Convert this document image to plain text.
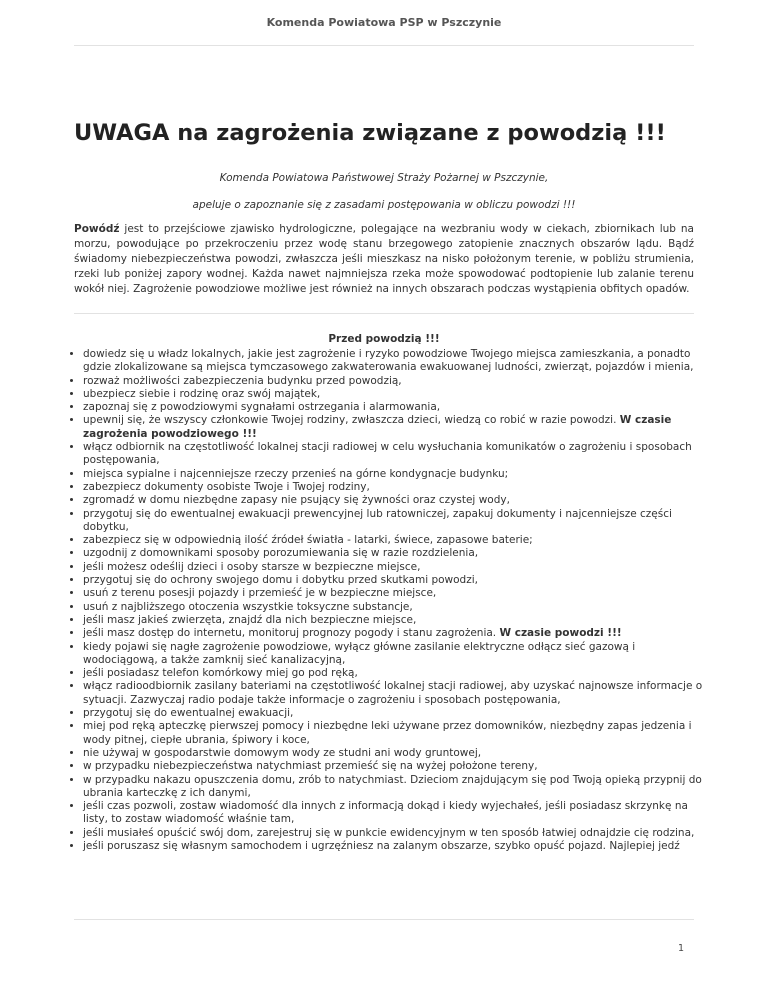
Komenda Powiatowa PSP w Pszczynie
UWAGA na zagrożenia związane z powodzią !!!
Komenda Powiatowa Państwowej Straży Pożarnej w Pszczynie,
apeluje o zapoznanie się z zasadami postępowania w obliczu powodzi !!!

Powódź jest to przejściowe zjawisko hydrologiczne, polegające na wezbraniu wody w ciekach, zbiornikach lub na morzu, powodujące po przekroczeniu przez wodę stanu brzegowego zatopienie znacznych obszarów lądu. Bądź świadomy niebezpieczeństwa powodzi, zwłaszcza jeśli mieszkasz na nisko położonym terenie, w pobliżu strumienia, rzeki lub poniżej zapory wodnej. Każda nawet najmniejsza rzeka może spowodować podtopienie lub zalanie terenu wokół niej. Zagrożenie powodziowe możliwe jest również na innych obszarach podczas wystąpienia obfitych opadów.

Przed powodzią !!!
• dowiedz się u władz lokalnych, jakie jest zagrożenie i ryzyko powodziowe Twojego miejsca zamieszkania, a ponadto gdzie zlokalizowane są miejsca tymczasowego zakwaterowania ewakuowanej ludności, zwierząt, pojazdów i mienia,
• rozważ możliwości zabezpieczenia budynku przed powodzią,
• ubezpiecz siebie i rodzinę oraz swój majątek,
• zapoznaj się z powodziowymi sygnałami ostrzegania i alarmowania,
• upewnij się, że wszyscy członkowie Twojej rodziny, zwłaszcza dzieci, wiedzą co robić w razie powodzi. W czasie zagrożenia powodziowego !!!
• włącz odbiornik na częstotliwość lokalnej stacji radiowej w celu wysłuchania komunikatów o zagrożeniu i sposobach postępowania,
• miejsca sypialne i najcenniejsze rzeczy przenieś na górne kondygnacje budynku;
• zabezpiecz dokumenty osobiste Twoje i Twojej rodziny,
• zgromadź w domu niezbędne zapasy nie psujący się żywności oraz czystej wody,
• przygotuj się do ewentualnej ewakuacji prewencyjnej lub ratowniczej, zapakuj dokumenty i najcenniejsze części dobytku,
• zabezpiecz się w odpowiednią ilość źródeł światła - latarki, świece, zapasowe baterie;
• uzgodnij z domownikami sposoby porozumiewania się w razie rozdzielenia,
• jeśli możesz odeślij dzieci i osoby starsze w bezpieczne miejsce,
• przygotuj się do ochrony swojego domu i dobytku przed skutkami powodzi,
• usuń z terenu posesji pojazdy i przemieść je w bezpieczne miejsce,
• usuń z najbliższego otoczenia wszystkie toksyczne substancje,
• jeśli masz jakieś zwierzęta, znajdź dla nich bezpieczne miejsce,
• jeśli masz dostęp do internetu, monitoruj prognozy pogody i stanu zagrożenia. W czasie powodzi !!!
• kiedy pojawi się nagłe zagrożenie powodziowe, wyłącz główne zasilanie elektryczne odłącz sieć gazową i wodociągową, a także zamknij sieć kanalizacyjną,
• jeśli posiadasz telefon komórkowy miej go pod ręką,
• włącz radioodbiornik zasilany bateriami na częstotliwość lokalnej stacji radiowej, aby uzyskać najnowsze informacje o sytuacji. Zazwyczaj radio podaje także informacje o zagrożeniu i sposobach postępowania,
• przygotuj się do ewentualnej ewakuacji,
• miej pod ręką apteczkę pierwszej pomocy i niezbędne leki używane przez domowników, niezbędny zapas jedzenia i wody pitnej, ciepłe ubrania, śpiwory i koce,
• nie używaj w gospodarstwie domowym wody ze studni ani wody gruntowej,
• w przypadku niebezpieczeństwa natychmiast przemieść się na wyżej położone tereny,
• w przypadku nakazu opuszczenia domu, zrób to natychmiast. Dzieciom znajdującym się pod Twoją opieką przypnij do ubrania karteczkę z ich danymi,
• jeśli czas pozwoli, zostaw wiadomość dla innych z informacją dokąd i kiedy wyjechałeś, jeśli posiadasz skrzynkę na listy, to zostaw wiadomość właśnie tam,
• jeśli musiałeś opuścić swój dom, zarejestruj się w punkcie ewidencyjnym w ten sposób łatwiej odnajdzie cię rodzina,
• jeśli poruszasz się własnym samochodem i ugrzęźniesz na zalanym obszarze, szybko opuść pojazd. Najlepiej jedź
1
